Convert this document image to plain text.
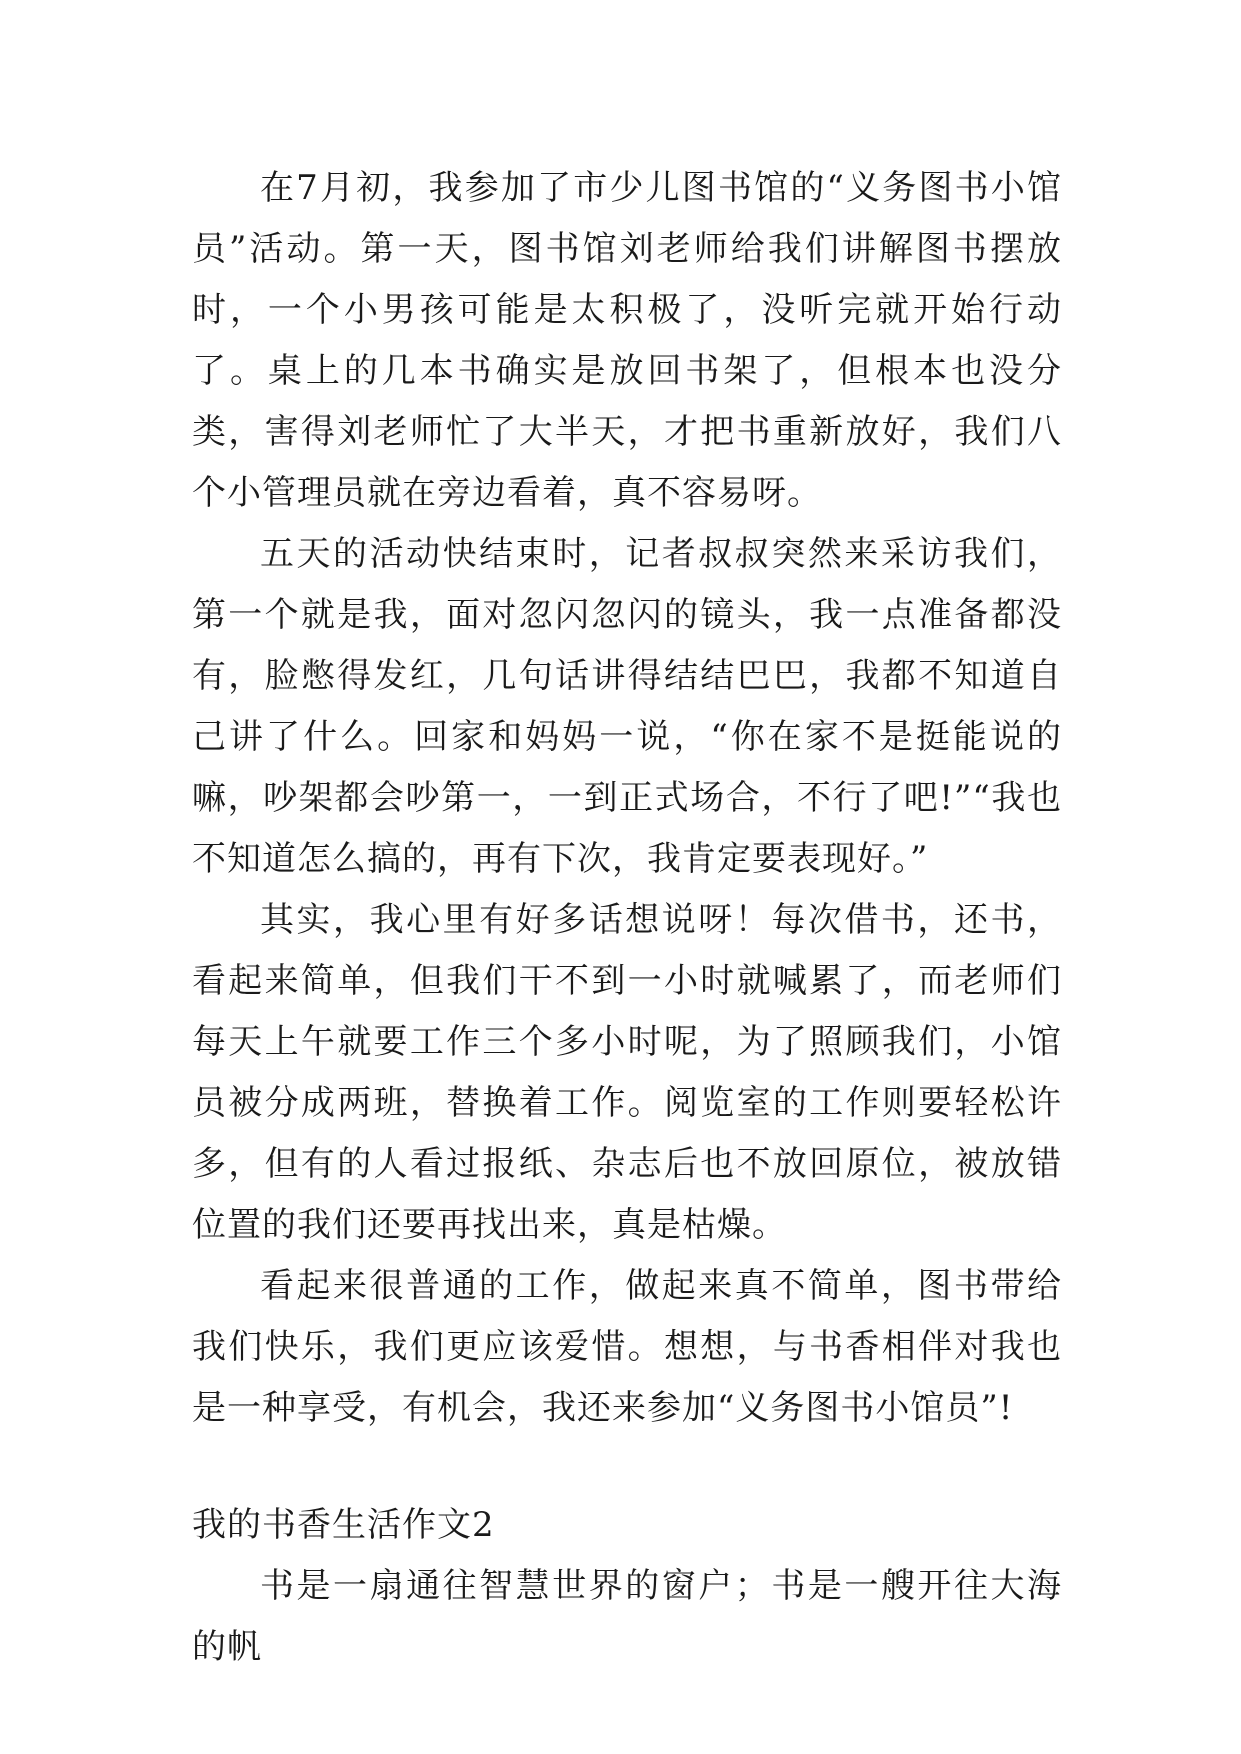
在7月初，我参加了市少儿图书馆的“义务图书小馆员”活动。第一天，图书馆刘老师给我们讲解图书摆放时，一个小男孩可能是太积极了，没听完就开始行动了。桌上的几本书确实是放回书架了，但根本也没分类，害得刘老师忙了大半天，才把书重新放好，我们八个小管理员就在旁边看着，真不容易呀。

五天的活动快结束时，记者叔叔突然来采访我们，第一个就是我，面对忽闪忽闪的镜头，我一点准备都没有，脸憋得发红，几句话讲得结结巴巴，我都不知道自己讲了什么。回家和妈妈一说，“你在家不是挺能说的嘛，吵架都会吵第一，一到正式场合，不行了吧!”“我也不知道怎么搞的，再有下次，我肯定要表现好。”

其实，我心里有好多话想说呀！每次借书，还书，看起来简单，但我们干不到一小时就喊累了，而老师们每天上午就要工作三个多小时呢，为了照顾我们，小馆员被分成两班，替换着工作。阅览室的工作则要轻松许多，但有的人看过报纸、杂志后也不放回原位，被放错位置的我们还要再找出来，真是枯燥。

看起来很普通的工作，做起来真不简单，图书带给我们快乐，我们更应该爱惜。想想，与书香相伴对我也是一种享受，有机会，我还来参加“义务图书小馆员”!

我的书香生活作文2

书是一扇通往智慧世界的窗户；书是一艘开往大海的帆
